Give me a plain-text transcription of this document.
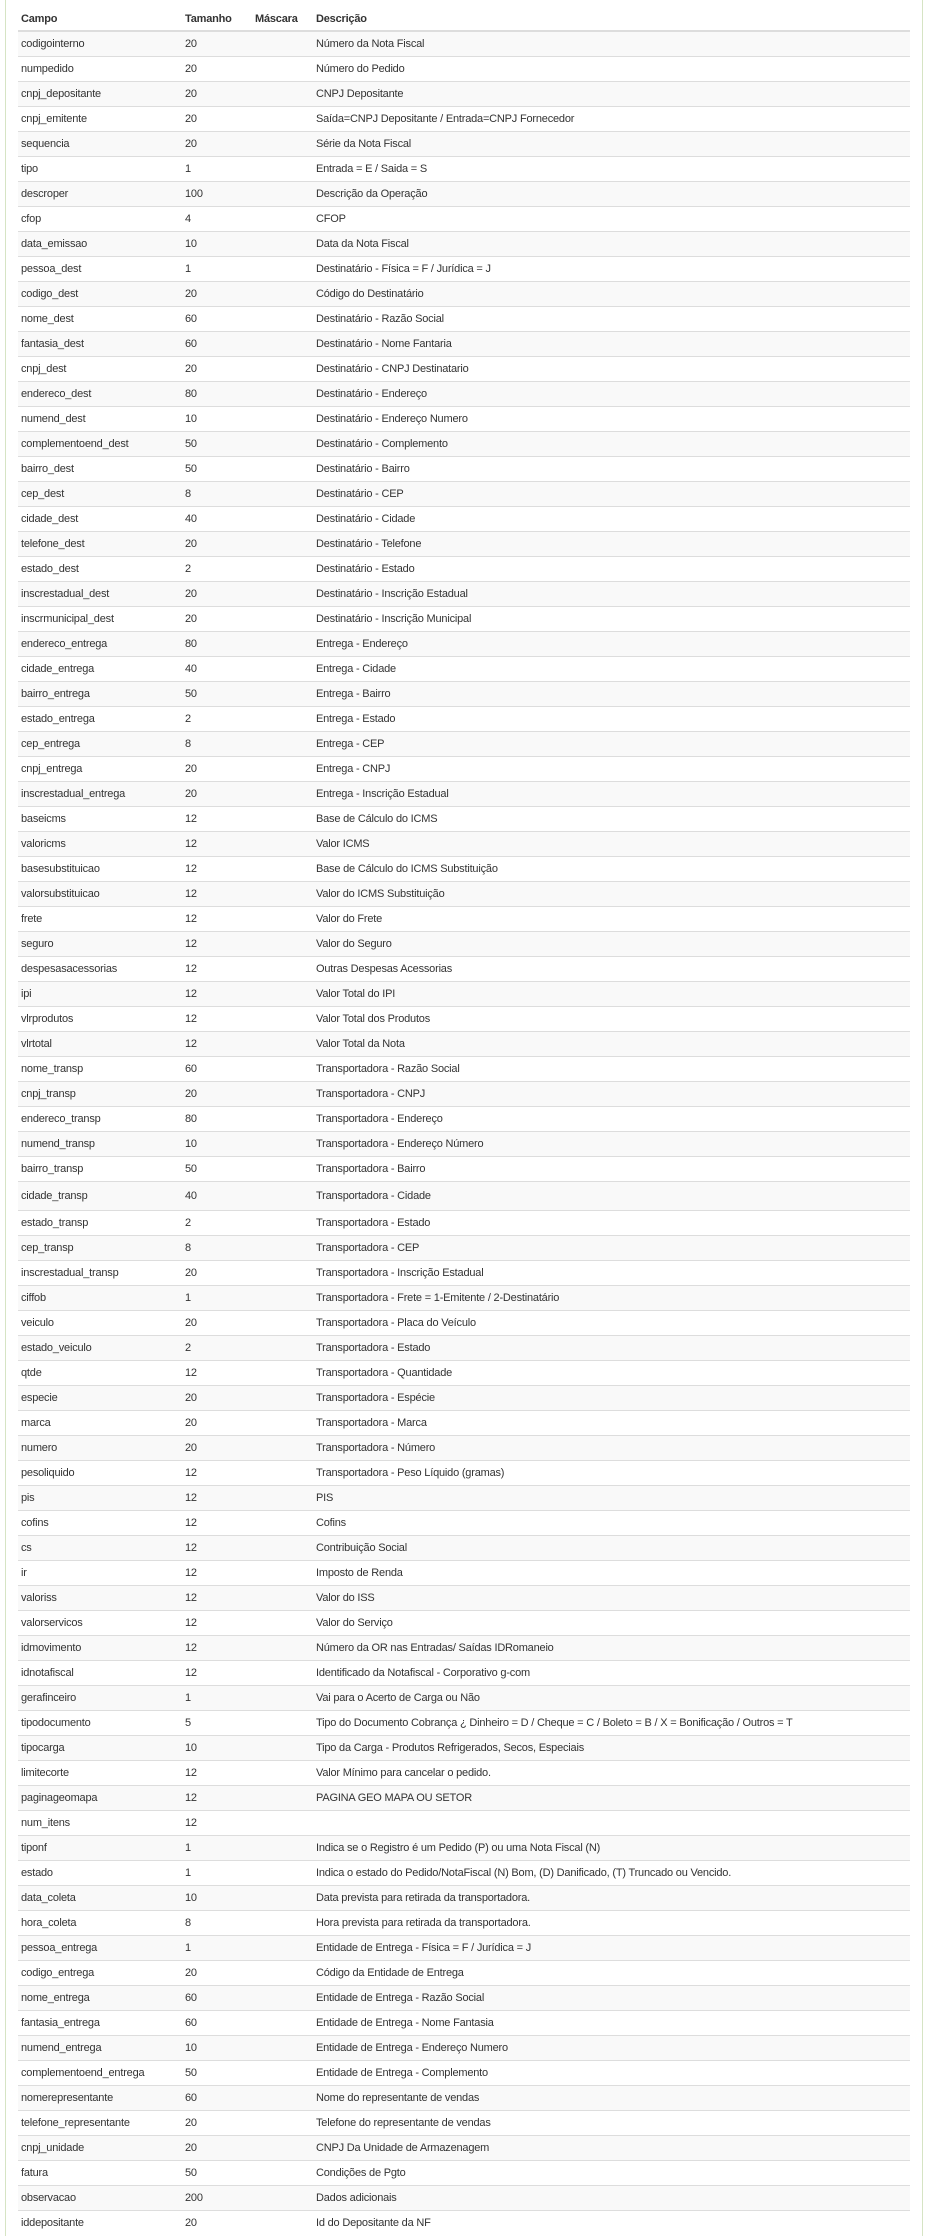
Campo	Tamanho	Máscara	Descrição
codigointerno	20		Número da Nota Fiscal
numpedido	20		Número do Pedido
cnpj_depositante	20		CNPJ Depositante
cnpj_emitente	20		Saída=CNPJ Depositante / Entrada=CNPJ Fornecedor
sequencia	20		Série da Nota Fiscal
tipo	1		Entrada = E / Saida = S
descroper	100		Descrição da Operação
cfop	4		CFOP
data_emissao	10		Data da Nota Fiscal
pessoa_dest	1		Destinatário - Física = F / Jurídica = J
codigo_dest	20		Código do Destinatário
nome_dest	60		Destinatário - Razão Social
fantasia_dest	60		Destinatário - Nome Fantaria
cnpj_dest	20		Destinatário - CNPJ Destinatario
endereco_dest	80		Destinatário - Endereço
numend_dest	10		Destinatário - Endereço Numero
complementoend_dest	50		Destinatário - Complemento
bairro_dest	50		Destinatário - Bairro
cep_dest	8		Destinatário - CEP
cidade_dest	40		Destinatário - Cidade
telefone_dest	20		Destinatário - Telefone
estado_dest	2		Destinatário - Estado
inscrestadual_dest	20		Destinatário - Inscrição Estadual
inscrmunicipal_dest	20		Destinatário - Inscrição Municipal
endereco_entrega	80		Entrega - Endereço
cidade_entrega	40		Entrega - Cidade
bairro_entrega	50		Entrega - Bairro
estado_entrega	2		Entrega - Estado
cep_entrega	8		Entrega - CEP
cnpj_entrega	20		Entrega - CNPJ
inscrestadual_entrega	20		Entrega - Inscrição Estadual
baseicms	12		Base de Cálculo do ICMS
valoricms	12		Valor ICMS
basesubstituicao	12		Base de Cálculo do ICMS Substituição
valorsubstituicao	12		Valor do ICMS Substituição
frete	12		Valor do Frete
seguro	12		Valor do Seguro
despesasacessorias	12		Outras Despesas Acessorias
ipi	12		Valor Total do IPI
vlrprodutos	12		Valor Total dos Produtos
vlrtotal	12		Valor Total da Nota
nome_transp	60		Transportadora - Razão Social
cnpj_transp	20		Transportadora - CNPJ
endereco_transp	80		Transportadora - Endereço
numend_transp	10		Transportadora - Endereço Número
bairro_transp	50		Transportadora - Bairro
cidade_transp	40		Transportadora - Cidade
estado_transp	2		Transportadora - Estado
cep_transp	8		Transportadora - CEP
inscrestadual_transp	20		Transportadora - Inscrição Estadual
ciffob	1		Transportadora - Frete = 1-Emitente / 2-Destinatário
veiculo	20		Transportadora - Placa do Veículo
estado_veiculo	2		Transportadora - Estado
qtde	12		Transportadora - Quantidade
especie	20		Transportadora - Espécie
marca	20		Transportadora - Marca
numero	20		Transportadora - Número
pesoliquido	12		Transportadora - Peso Líquido (gramas)
pis	12		PIS
cofins	12		Cofins
cs	12		Contribuição Social
ir	12		Imposto de Renda
valoriss	12		Valor do ISS
valorservicos	12		Valor do Serviço
idmovimento	12		Número da OR nas Entradas/ Saídas IDRomaneio
idnotafiscal	12		Identificado da Notafiscal - Corporativo g-com
gerafinceiro	1		Vai para o Acerto de Carga ou Não
tipodocumento	5		Tipo do Documento Cobrança ¿ Dinheiro = D / Cheque = C / Boleto = B / X = Bonificação / Outros = T
tipocarga	10		Tipo da Carga - Produtos Refrigerados, Secos, Especiais
limitecorte	12		Valor Mínimo para cancelar o pedido.
paginageomapa	12		PAGINA GEO MAPA OU SETOR
num_itens	12		
tiponf	1		Indica se o Registro é um Pedido (P) ou uma Nota Fiscal (N)
estado	1		Indica o estado do Pedido/NotaFiscal (N) Bom, (D) Danificado, (T) Truncado ou Vencido.
data_coleta	10		Data prevista para retirada da transportadora.
hora_coleta	8		Hora prevista para retirada da transportadora.
pessoa_entrega	1		Entidade de Entrega - Física = F / Jurídica = J
codigo_entrega	20		Código da Entidade de Entrega
nome_entrega	60		Entidade de Entrega - Razão Social
fantasia_entrega	60		Entidade de Entrega - Nome Fantasia
numend_entrega	10		Entidade de Entrega - Endereço Numero
complementoend_entrega	50		Entidade de Entrega - Complemento
nomerepresentante	60		Nome do representante de vendas
telefone_representante	20		Telefone do representante de vendas
cnpj_unidade	20		CNPJ Da Unidade de Armazenagem
fatura	50		Condições de Pgto
observacao	200		Dados adicionais
iddepositante	20		Id do Depositante da NF
